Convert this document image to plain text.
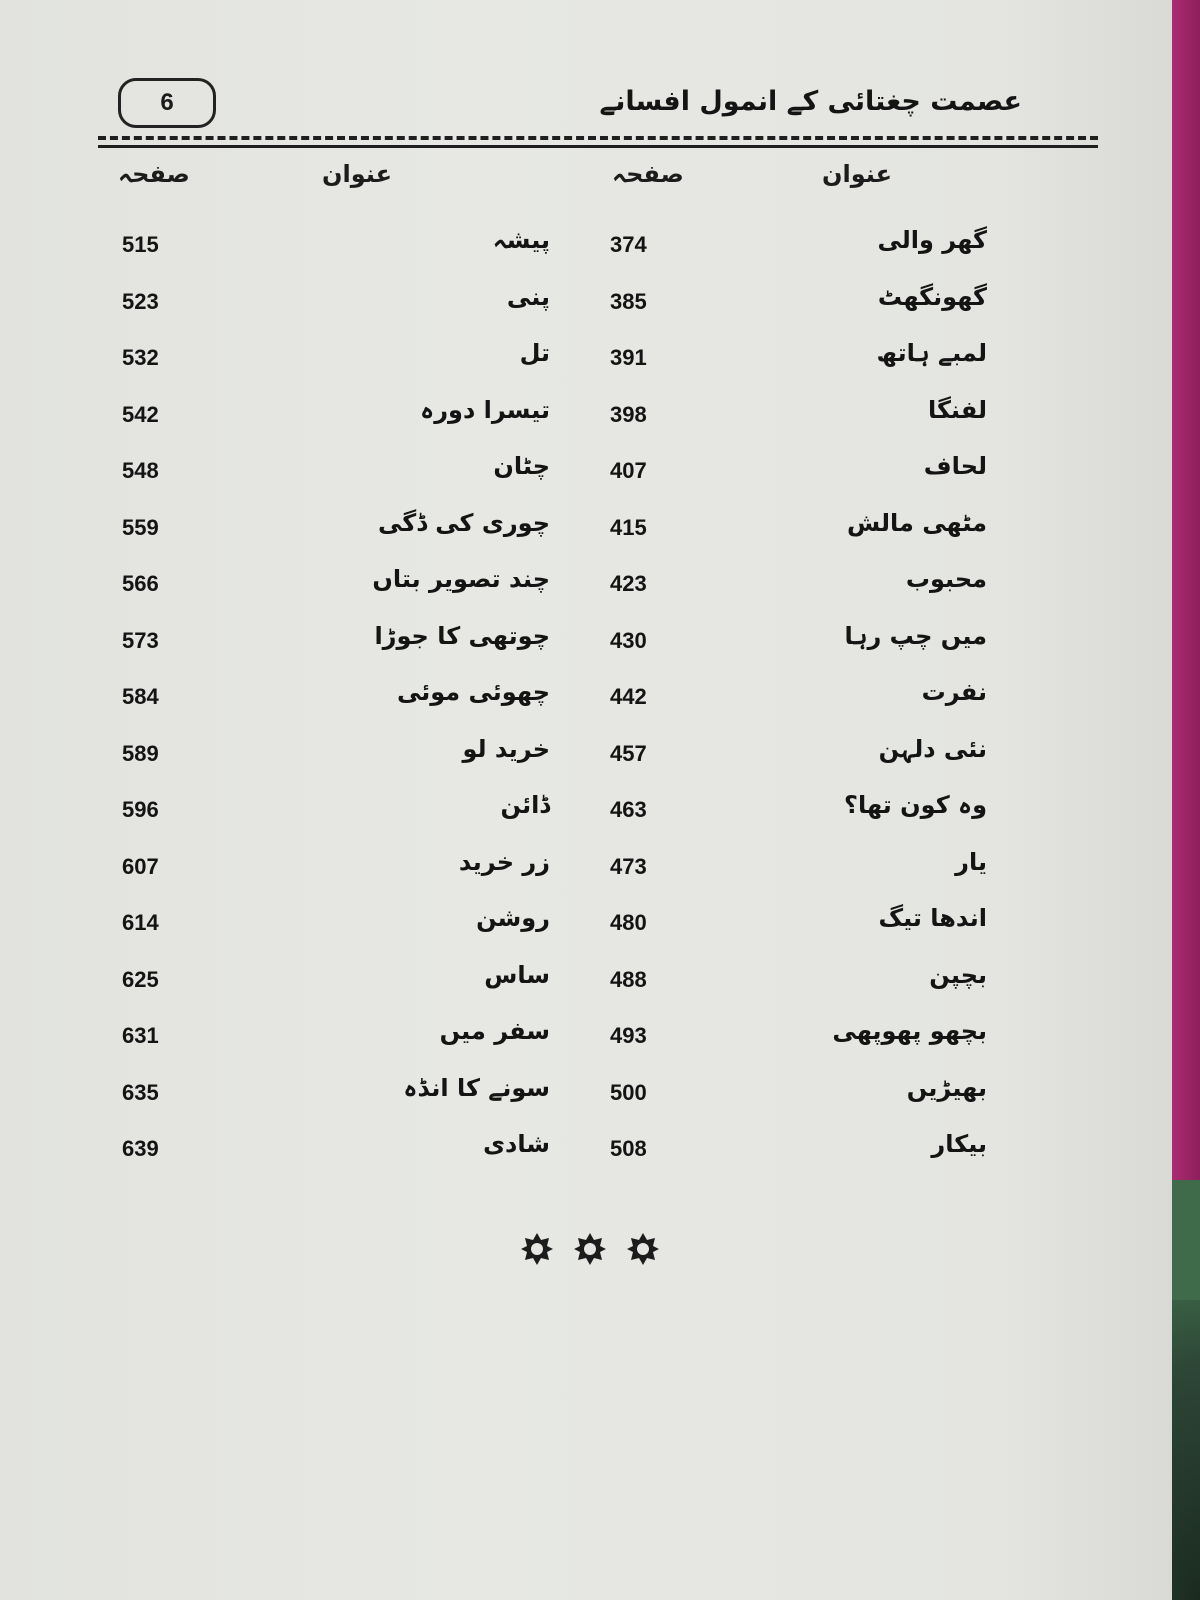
6	عصمت چغتائی کے انمول افسانے
عنوان
صفحہ
عنوان
صفحہ
گھر والی
374
پیشہ
515
گھونگھٹ
385
پنی
523
لمبے ہاتھ
391
تل
532
لفنگا
398
تیسرا دورہ
542
لحاف
407
چٹان
548
مٹھی مالش
415
چوری کی ڈگی
559
محبوب
423
چند تصویر بتاں
566
میں چپ رہا
430
چوتھی کا جوڑا
573
نفرت
442
چھوئی موئی
584
نئی دلہن
457
خرید لو
589
وہ کون تھا؟
463
ڈائن
596
یار
473
زر خرید
607
اندھا تیگ
480
روشن
614
بچپن
488
ساس
625
بچھو پھوپھی
493
سفر میں
631
بھیڑیں
500
سونے کا انڈہ
635
بیکار
508
شادی
639
